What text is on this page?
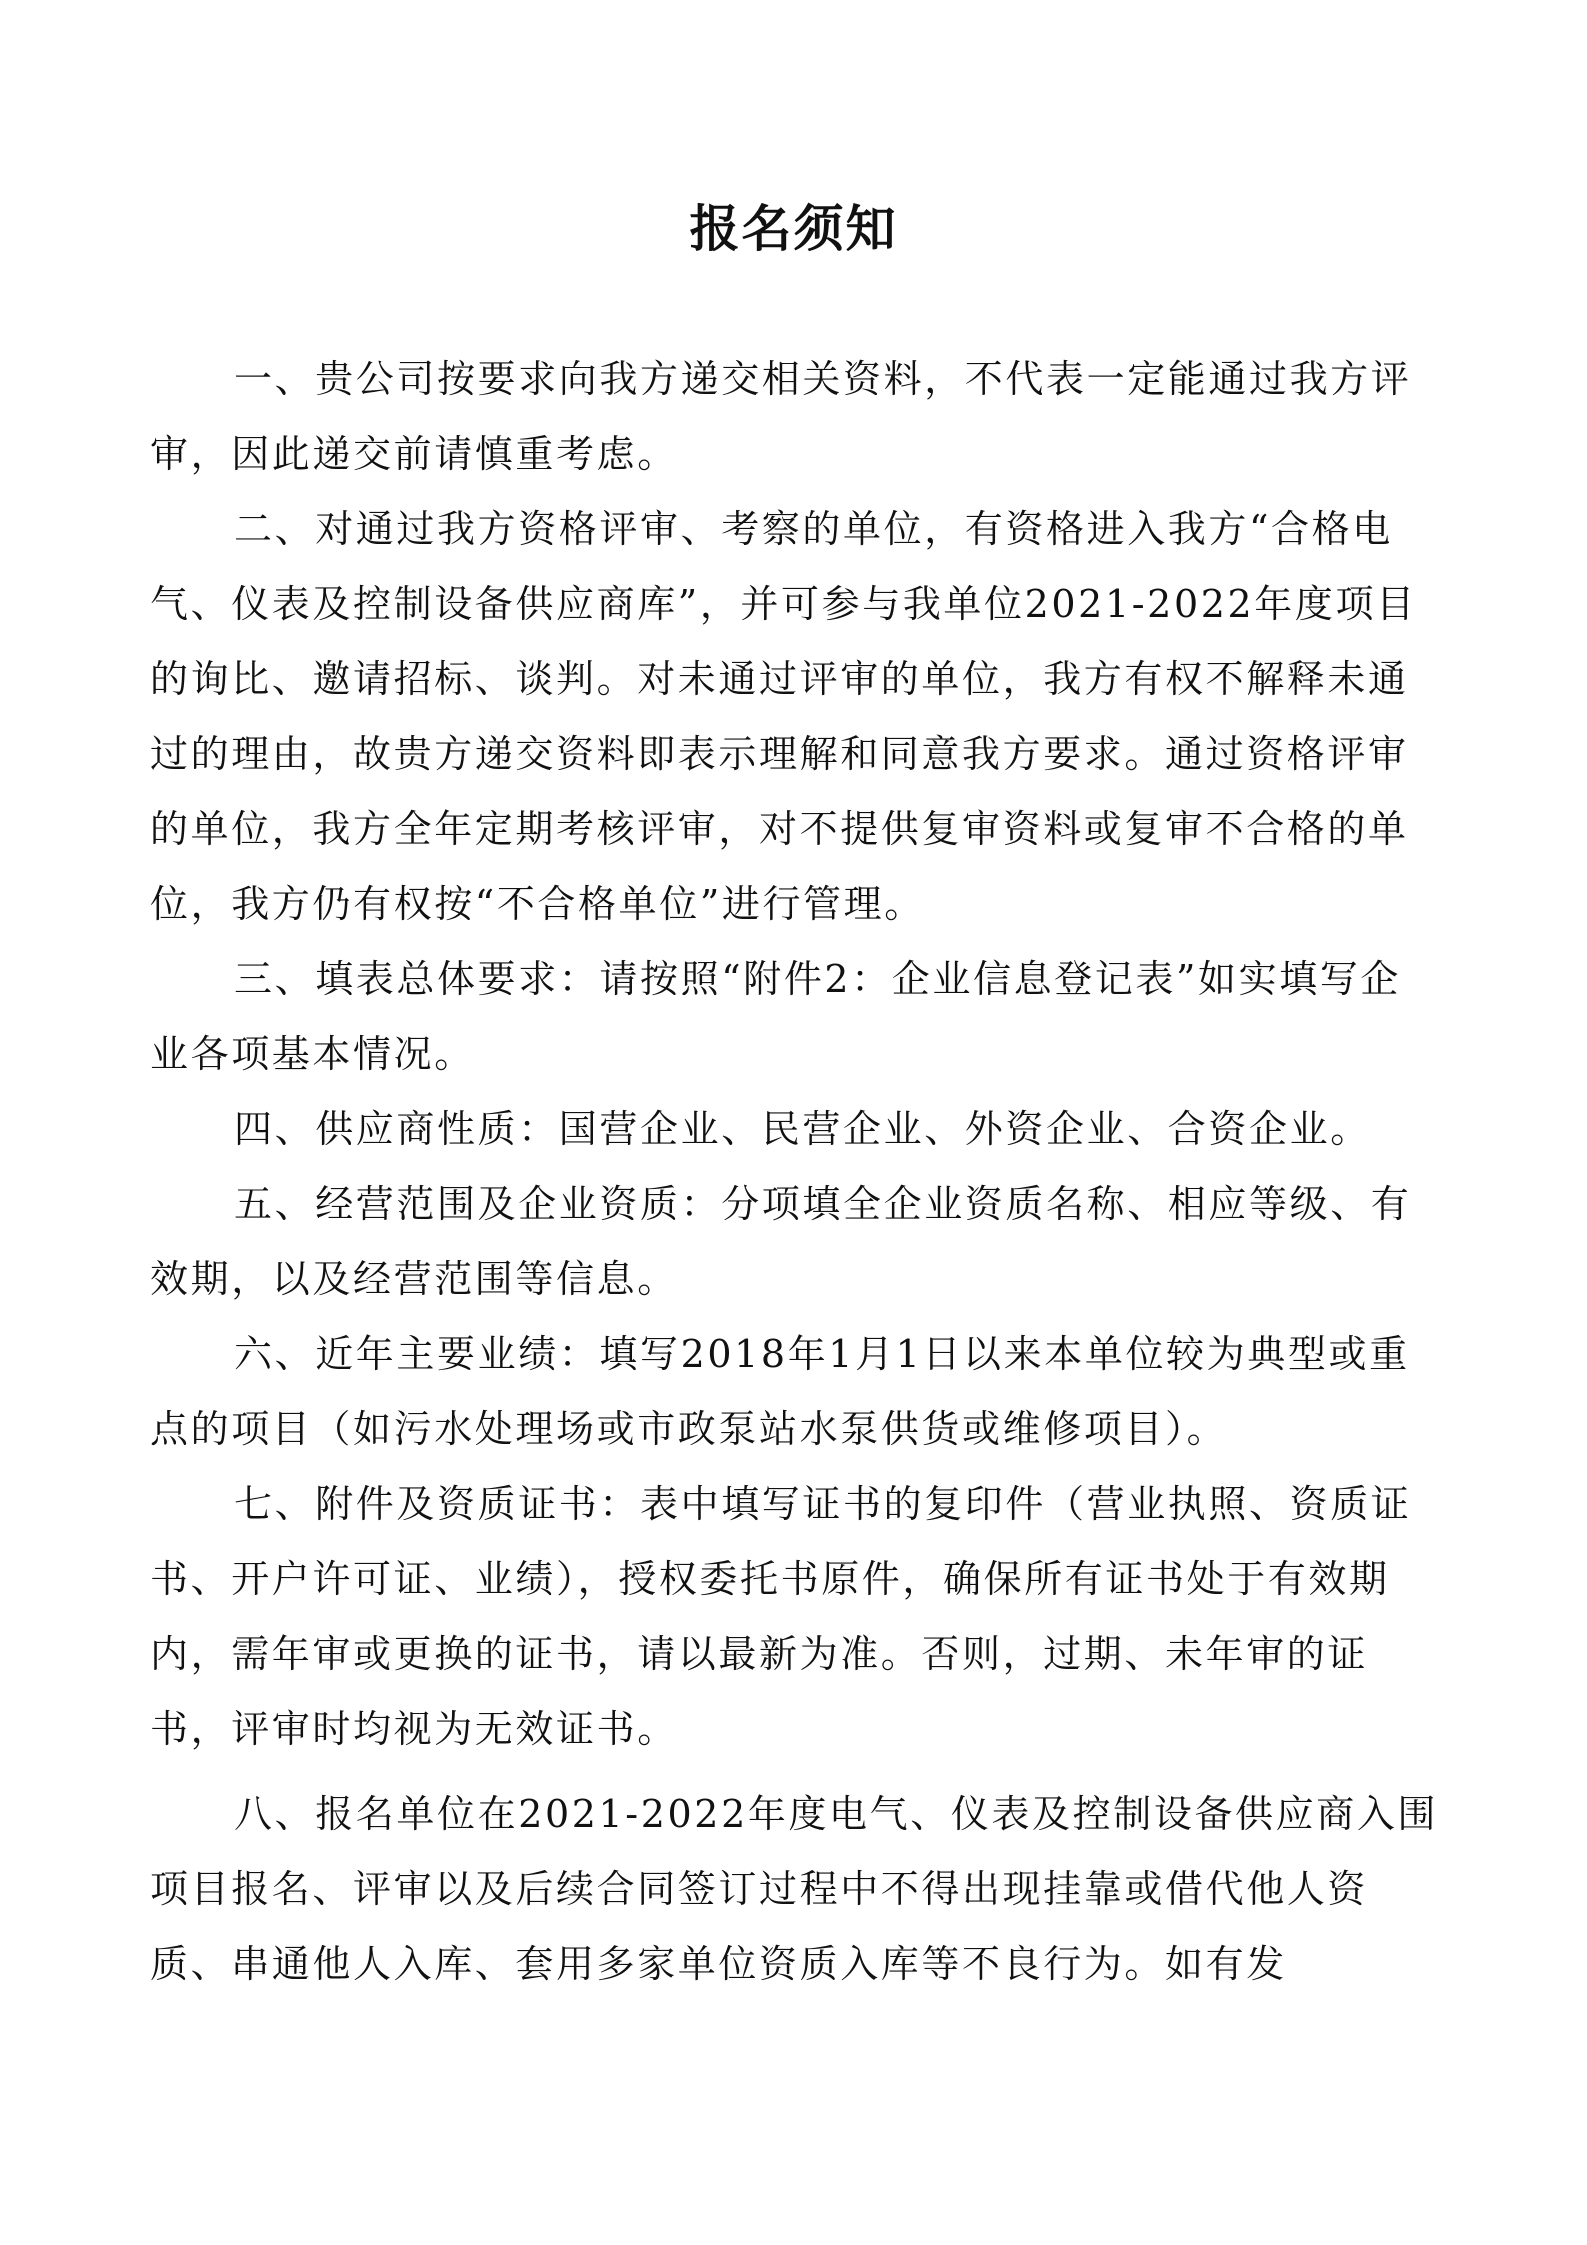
报名须知

一、贵公司按要求向我方递交相关资料，不代表一定能通过我方评审，因此递交前请慎重考虑。

二、对通过我方资格评审、考察的单位，有资格进入我方“合格电气、仪表及控制设备供应商库”，并可参与我单位2021-2022年度项目的询比、邀请招标、谈判。对未通过评审的单位，我方有权不解释未通过的理由，故贵方递交资料即表示理解和同意我方要求。通过资格评审的单位，我方全年定期考核评审，对不提供复审资料或复审不合格的单位，我方仍有权按“不合格单位”进行管理。

三、填表总体要求：请按照“附件2：企业信息登记表”如实填写企业各项基本情况。

四、供应商性质：国营企业、民营企业、外资企业、合资企业。

五、经营范围及企业资质：分项填全企业资质名称、相应等级、有效期，以及经营范围等信息。

六、近年主要业绩：填写2018年1月1日以来本单位较为典型或重点的项目（如污水处理场或市政泵站水泵供货或维修项目）。

七、附件及资质证书：表中填写证书的复印件（营业执照、资质证书、开户许可证、业绩），授权委托书原件，确保所有证书处于有效期内，需年审或更换的证书，请以最新为准。否则，过期、未年审的证书，评审时均视为无效证书。

八、报名单位在2021-2022年度电气、仪表及控制设备供应商入围项目报名、评审以及后续合同签订过程中不得出现挂靠或借代他人资质、串通他人入库、套用多家单位资质入库等不良行为。如有发
